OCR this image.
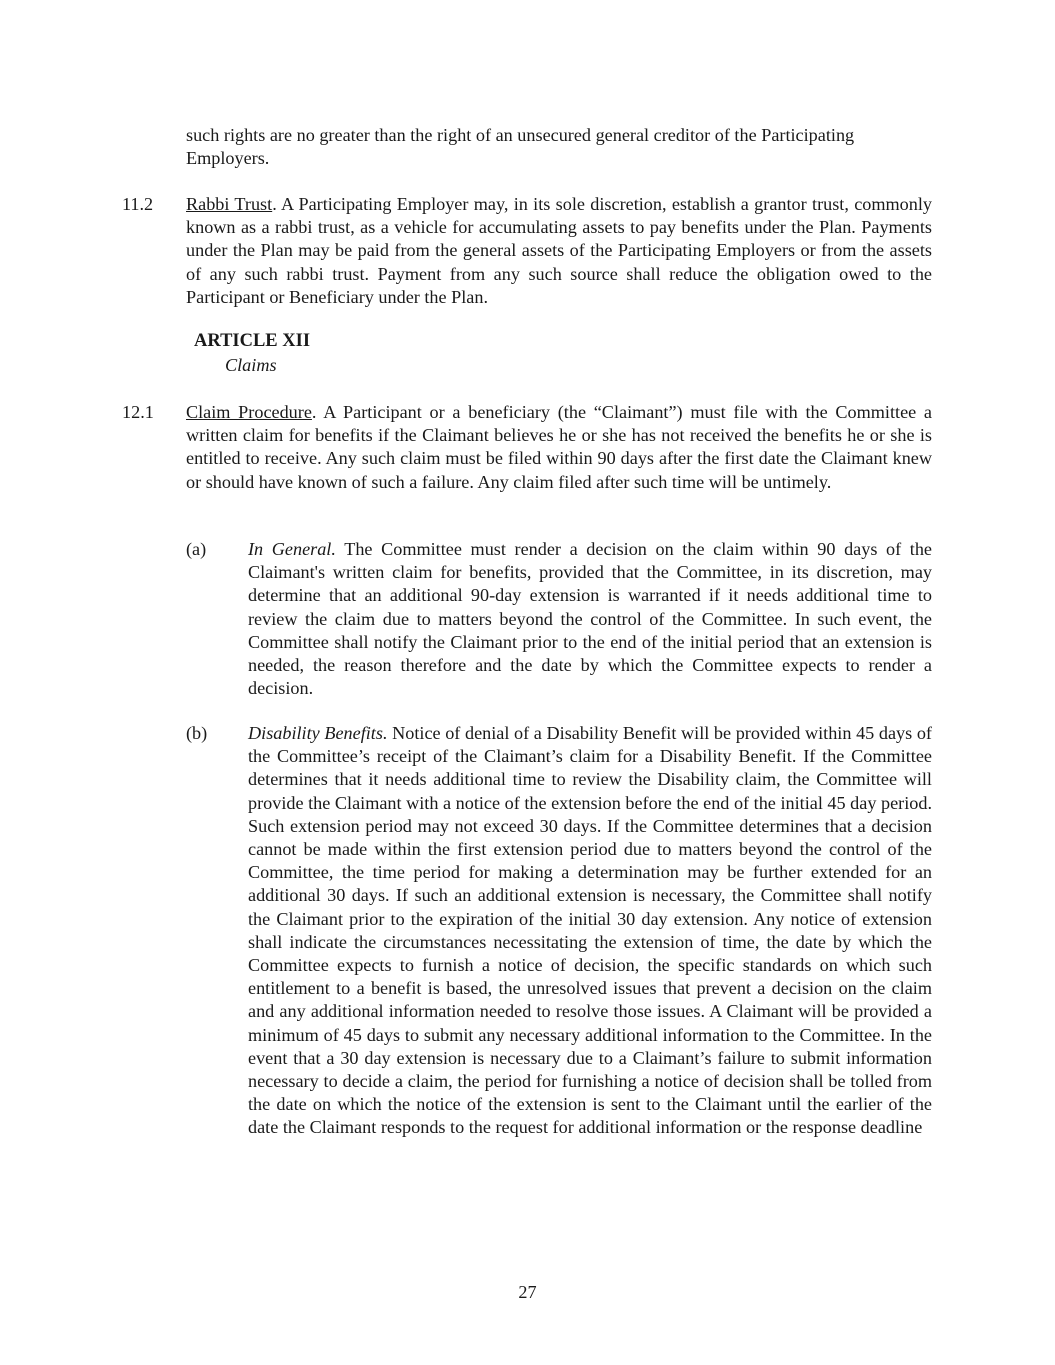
such rights are no greater than the right of an unsecured general creditor of the Participating Employers.
11.2 Rabbi Trust. A Participating Employer may, in its sole discretion, establish a grantor trust, commonly known as a rabbi trust, as a vehicle for accumulating assets to pay benefits under the Plan. Payments under the Plan may be paid from the general assets of the Participating Employers or from the assets of any such rabbi trust. Payment from any such source shall reduce the obligation owed to the Participant or Beneficiary under the Plan.
ARTICLE XII
Claims
12.1 Claim Procedure. A Participant or a beneficiary (the “Claimant”) must file with the Committee a written claim for benefits if the Claimant believes he or she has not received the benefits he or she is entitled to receive. Any such claim must be filed within 90 days after the first date the Claimant knew or should have known of such a failure. Any claim filed after such time will be untimely.
(a) In General. The Committee must render a decision on the claim within 90 days of the Claimant's written claim for benefits, provided that the Committee, in its discretion, may determine that an additional 90-day extension is warranted if it needs additional time to review the claim due to matters beyond the control of the Committee. In such event, the Committee shall notify the Claimant prior to the end of the initial period that an extension is needed, the reason therefore and the date by which the Committee expects to render a decision.
(b) Disability Benefits. Notice of denial of a Disability Benefit will be provided within 45 days of the Committee’s receipt of the Claimant’s claim for a Disability Benefit. If the Committee determines that it needs additional time to review the Disability claim, the Committee will provide the Claimant with a notice of the extension before the end of the initial 45 day period. Such extension period may not exceed 30 days. If the Committee determines that a decision cannot be made within the first extension period due to matters beyond the control of the Committee, the time period for making a determination may be further extended for an additional 30 days. If such an additional extension is necessary, the Committee shall notify the Claimant prior to the expiration of the initial 30 day extension. Any notice of extension shall indicate the circumstances necessitating the extension of time, the date by which the Committee expects to furnish a notice of decision, the specific standards on which such entitlement to a benefit is based, the unresolved issues that prevent a decision on the claim and any additional information needed to resolve those issues. A Claimant will be provided a minimum of 45 days to submit any necessary additional information to the Committee. In the event that a 30 day extension is necessary due to a Claimant’s failure to submit information necessary to decide a claim, the period for furnishing a notice of decision shall be tolled from the date on which the notice of the extension is sent to the Claimant until the earlier of the date the Claimant responds to the request for additional information or the response deadline
27
